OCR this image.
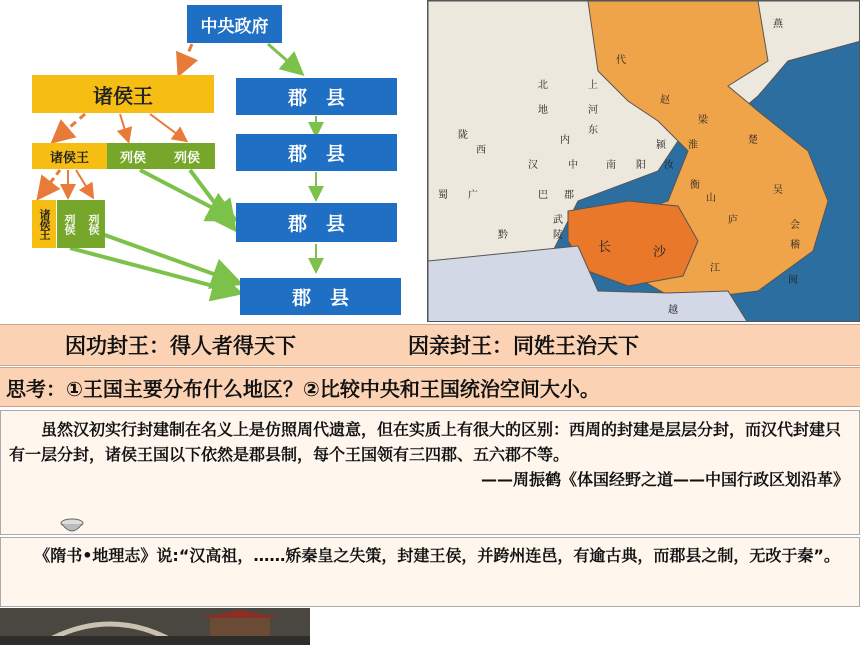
中央政府
诸侯王	郡　县
郡　县
郡　县
郡　县
诸侯王	列侯	列侯
诸侯王	列侯	列侯
燕
代
赵
北	上
地	河
东
内
陇
西
汉
巴 郡
中	南 阳
颍
汝
淮
梁
楚
吴
庐
江
会
稽
闽
长	沙
越
衡
山
蜀 广
武
陵
黔
因功封王：得人者得天下	因亲封王：同姓王治天下
思考：①王国主要分布什么地区？②比较中央和王国统治空间大小。
虽然汉初实行封建制在名义上是仿照周代遗意，但在实质上有很大的区别：西周的封建是层层分封，而汉代封建只有一层分封，诸侯王国以下依然是郡县制，每个王国领有三四郡、五六郡不等。
——周振鹤《体国经野之道——中国行政区划沿革》
《隋书•地理志》说:“汉高祖，……矫秦皇之失策，封建王侯，并跨州连邑，有逾古典，而郡县之制，无改于秦”。
